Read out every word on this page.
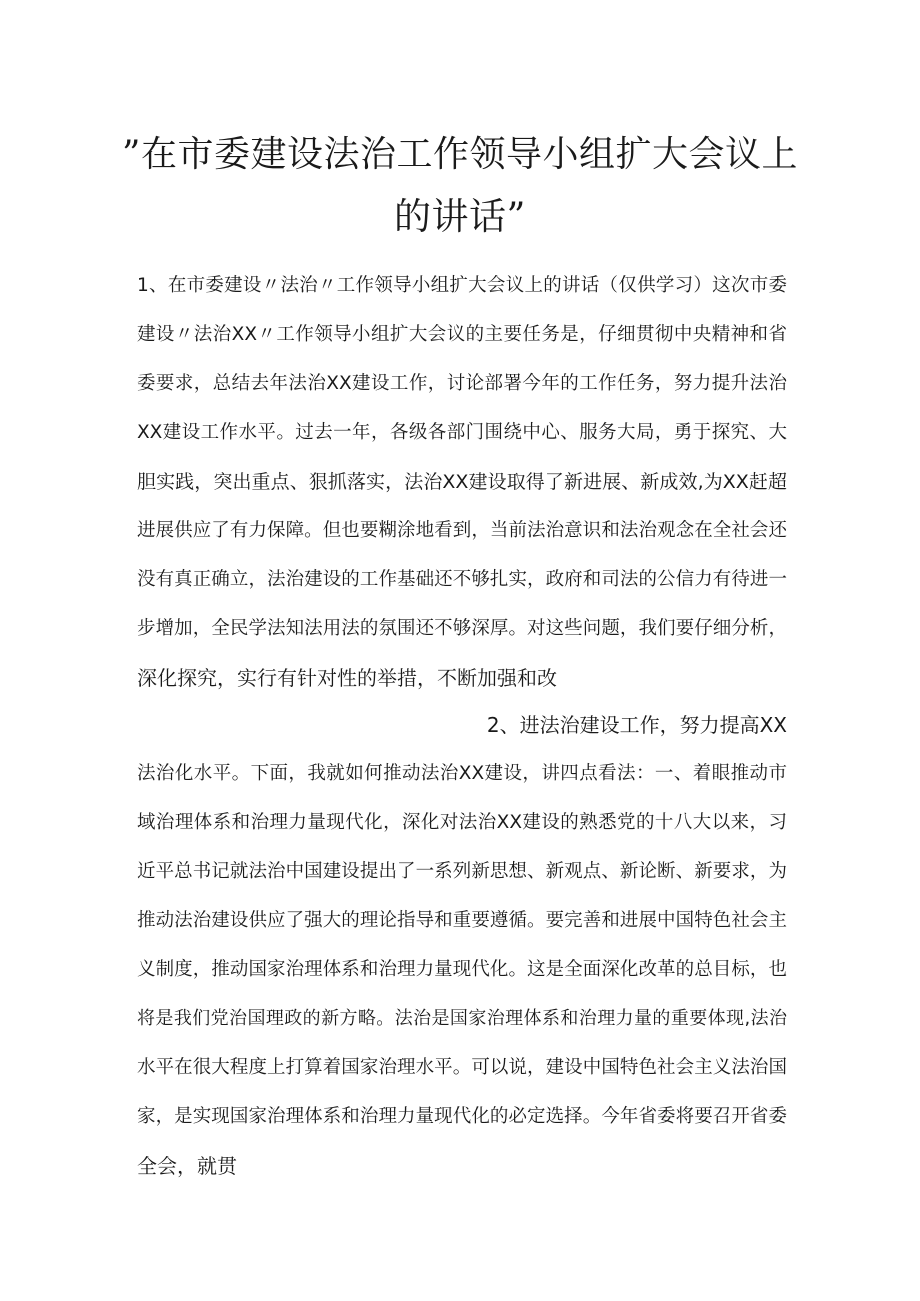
”在市委建设法治工作领导小组扩大会议上
的讲话”
1、在市委建设〃法治〃工作领导小组扩大会议上的讲话（仅供学习）这次市委
建设〃法治XX〃工作领导小组扩大会议的主要任务是，仔细贯彻中央精神和省
委要求，总结去年法治XX建设工作，讨论部署今年的工作任务，努力提升法治
XX建设工作水平。过去一年，各级各部门围绕中心、服务大局，勇于探究、大
胆实践，突出重点、狠抓落实，法治XX建设取得了新进展、新成效,为XX赶超
进展供应了有力保障。但也要糊涂地看到，当前法治意识和法治观念在全社会还
没有真正确立，法治建设的工作基础还不够扎实，政府和司法的公信力有待进一
步增加，全民学法知法用法的氛围还不够深厚。对这些问题，我们要仔细分析，
深化探究，实行有针对性的举措，不断加强和改
2、进法治建设工作，努力提高XX
法治化水平。下面，我就如何推动法治XX建设，讲四点看法：一、着眼推动市
域治理体系和治理力量现代化，深化对法治XX建设的熟悉党的十八大以来，习
近平总书记就法治中国建设提出了一系列新思想、新观点、新论断、新要求，为
推动法治建设供应了强大的理论指导和重要遵循。要完善和进展中国特色社会主
义制度，推动国家治理体系和治理力量现代化。这是全面深化改革的总目标，也
将是我们党治国理政的新方略。法治是国家治理体系和治理力量的重要体现,法治
水平在很大程度上打算着国家治理水平。可以说，建设中国特色社会主义法治国
家，是实现国家治理体系和治理力量现代化的必定选择。今年省委将要召开省委
全会，就贯
